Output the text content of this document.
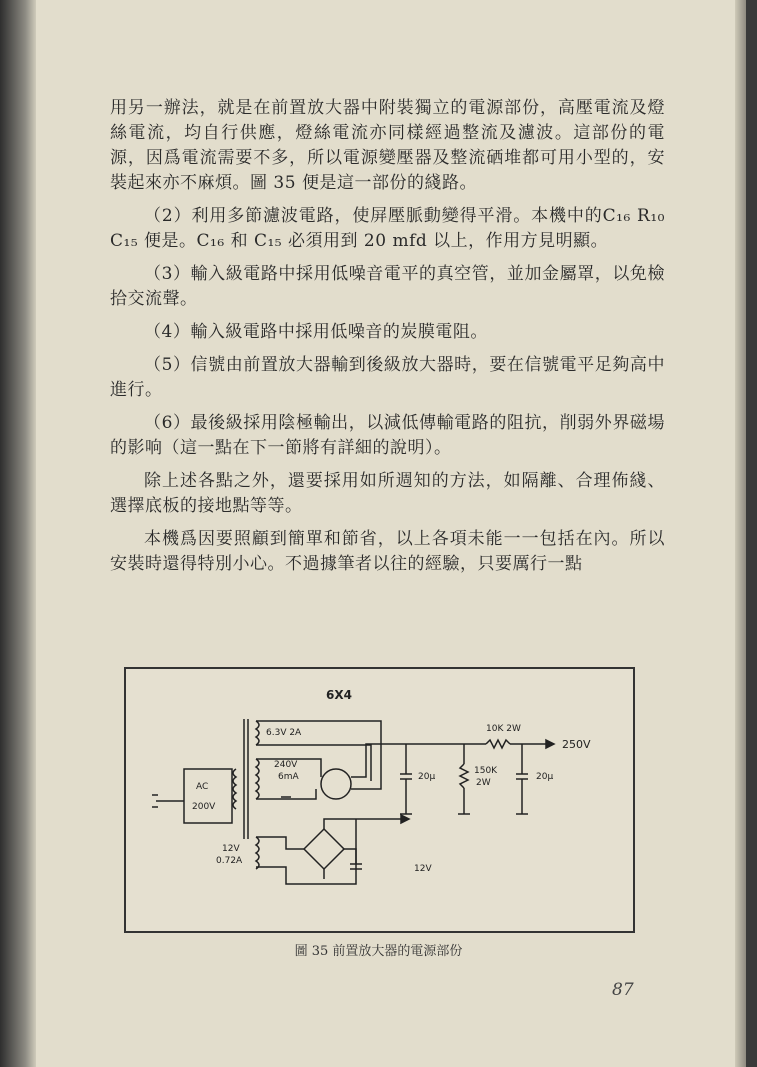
用另一辦法，就是在前置放大器中附裝獨立的電源部份，高壓電流及燈絲電流，均自行供應，燈絲電流亦同樣經過整流及濾波。這部份的電源，因爲電流需要不多，所以電源變壓器及整流硒堆都可用小型的，安裝起來亦不麻煩。圖 35 便是這一部份的綫路。

（2）利用多節濾波電路，使屏壓脈動變得平滑。本機中的C₁₆ R₁₀ C₁₅ 便是。C₁₆ 和 C₁₅ 必須用到 20 mfd 以上，作用方見明顯。

（3）輸入級電路中採用低噪音電平的真空管，並加金屬罩，以免檢拾交流聲。

（4）輸入級電路中採用低噪音的炭膜電阻。

（5）信號由前置放大器輸到後級放大器時，要在信號電平足夠高中進行。

（6）最後級採用陰極輸出，以減低傳輸電路的阻抗，削弱外界磁場的影响（這一點在下一節將有詳細的說明）。

除上述各點之外，還要採用如所週知的方法，如隔離、合理佈綫、選擇底板的接地點等等。

本機爲因要照顧到簡單和節省，以上各項未能一一包括在內。所以安裝時還得特別小心。不過據筆者以往的經驗，只要厲行一點

6X4
6.3V 2A
240V
6mA
AC
200V
10K 2W
250V
20μ
150K
2W
20μ
12V
0.72A
12V
圖 35 前置放大器的電源部份
87
